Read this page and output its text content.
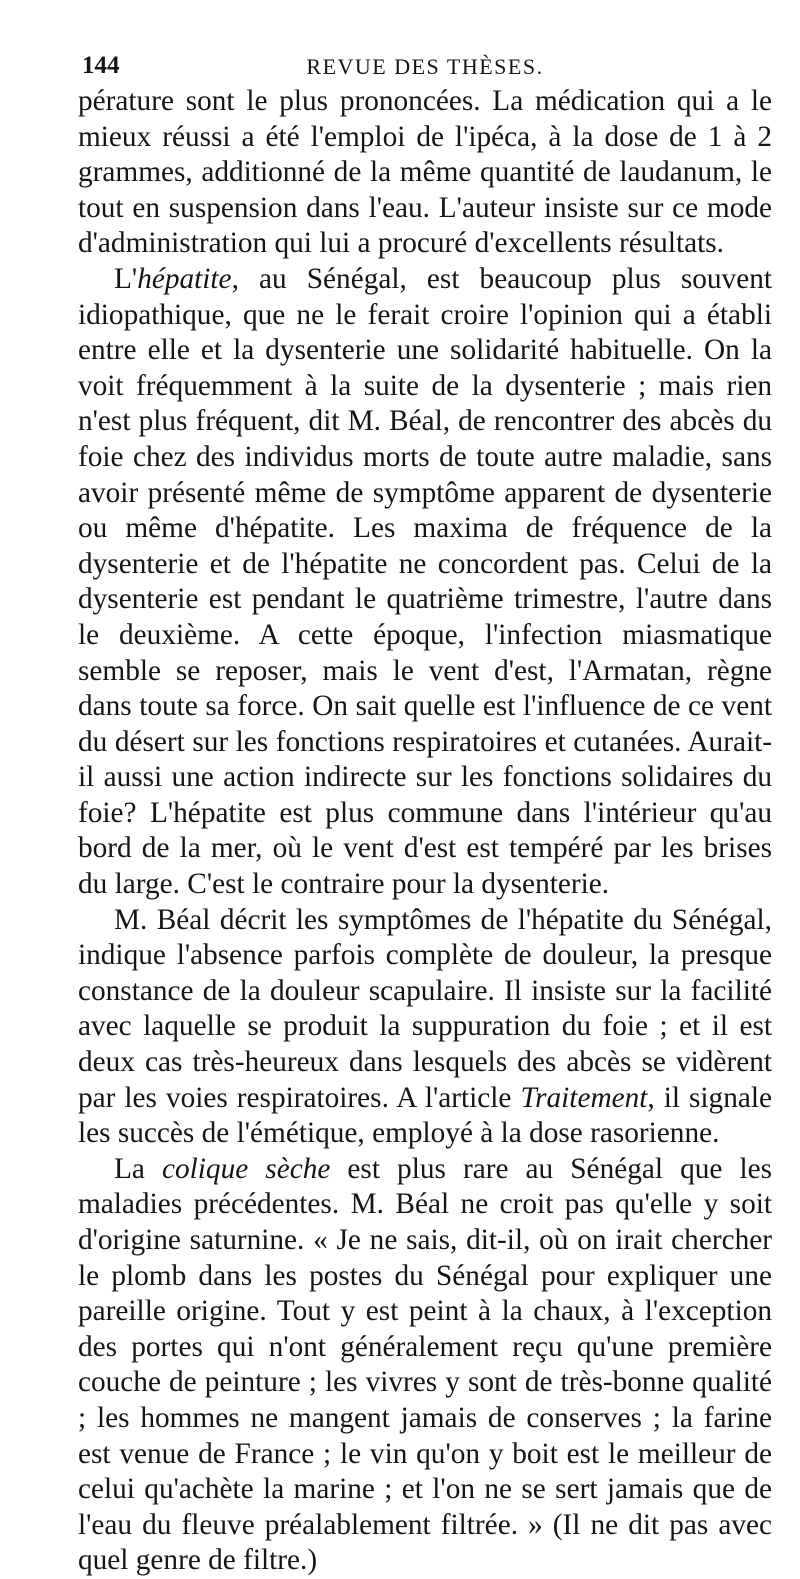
144	REVUE DES THÈSES.

pérature sont le plus prononcées. La médication qui a le mieux réussi a été l'emploi de l'ipéca, à la dose de 1 à 2 grammes, additionné de la même quantité de laudanum, le tout en suspension dans l'eau. L'auteur insiste sur ce mode d'administration qui lui a procuré d'excellents résultats.

L'hépatite, au Sénégal, est beaucoup plus souvent idiopathique, que ne le ferait croire l'opinion qui a établi entre elle et la dysenterie une solidarité habituelle. On la voit fréquemment à la suite de la dysenterie ; mais rien n'est plus fréquent, dit M. Béal, de rencontrer des abcès du foie chez des individus morts de toute autre maladie, sans avoir présenté même de symptôme apparent de dysenterie ou même d'hépatite. Les maxima de fréquence de la dysenterie et de l'hépatite ne concordent pas. Celui de la dysenterie est pendant le quatrième trimestre, l'autre dans le deuxième. A cette époque, l'infection miasmatique semble se reposer, mais le vent d'est, l'Armatan, règne dans toute sa force. On sait quelle est l'influence de ce vent du désert sur les fonctions respiratoires et cutanées. Aurait-il aussi une action indirecte sur les fonctions solidaires du foie? L'hépatite est plus commune dans l'intérieur qu'au bord de la mer, où le vent d'est est tempéré par les brises du large. C'est le contraire pour la dysenterie.

M. Béal décrit les symptômes de l'hépatite du Sénégal, indique l'absence parfois complète de douleur, la presque constance de la douleur scapulaire. Il insiste sur la facilité avec laquelle se produit la suppuration du foie ; et il est deux cas très-heureux dans lesquels des abcès se vidèrent par les voies respiratoires. A l'article Traitement, il signale les succès de l'émétique, employé à la dose rasorienne.

La colique sèche est plus rare au Sénégal que les maladies précédentes. M. Béal ne croit pas qu'elle y soit d'origine saturnine. « Je ne sais, dit-il, où on irait chercher le plomb dans les postes du Sénégal pour expliquer une pareille origine. Tout y est peint à la chaux, à l'exception des portes qui n'ont généralement reçu qu'une première couche de peinture ; les vivres y sont de très-bonne qualité ; les hommes ne mangent jamais de conserves ; la farine est venue de France ; le vin qu'on y boit est le meilleur de celui qu'achète la marine ; et l'on ne se sert jamais que de l'eau du fleuve préalablement filtrée. » (Il ne dit pas avec quel genre de filtre.)
